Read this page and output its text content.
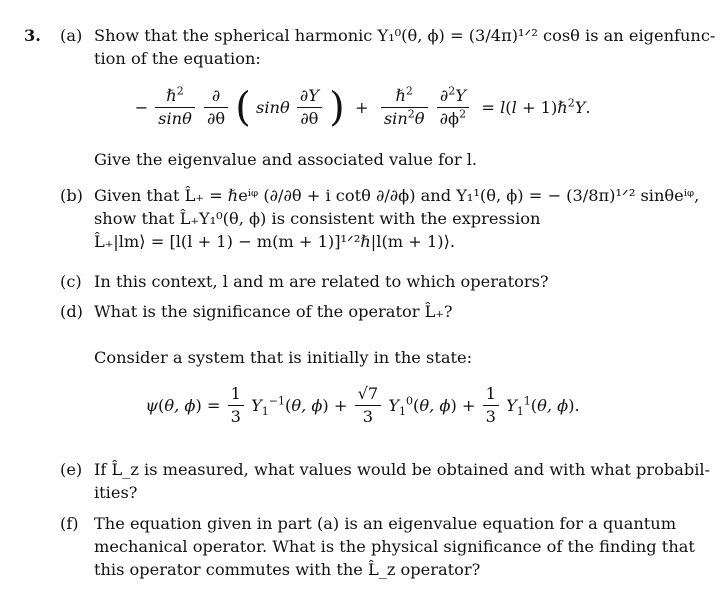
3. (a) Show that the spherical harmonic Y₁⁰(θ, ϕ) = (3/4π)¹ᐟ² cosθ is an eigenfunc-
tion of the equation:
− $\frac{\hbar^2}{\sin\theta}$
$\frac{\partial}{\partial\theta}$ ( sinθ $\frac{\partial Y}{\partial\theta}$ )  + $\frac{\hbar^2}{\sin^2\theta}$
$\frac{\partial^2Y}{\partial\phi^2} = l(l$ + 1)ℏ$^2$Y.
Give the eigenvalue and associated value for l.
(b) Given that L̂₊ = ℏeⁱᵠ (∂/∂θ + i cotθ ∂/∂ϕ) and Y₁¹(θ, ϕ) = − (3/8π)¹ᐟ² sinθeⁱᵠ,
show that L̂₊Y₁⁰(θ, ϕ) is consistent with the expression
L̂₊|lm⟩ = [l(l + 1) − m(m + 1)]¹ᐟ²ℏ|l(m + 1)⟩.
(c) In this context, l and m are related to which operators?
(d) What is the significance of the operator L̂₊?
Consider a system that is initially in the state:
ψ(θ, $\phi) = \frac{1}{3} Y_1^{-1}(\theta$, $\phi) + \frac{√7}{3} Y_1^0(\theta$, $\phi) + \frac{1}{3} Y_1^1(\theta$, ϕ).
(e) If L̂_z is measured, what values would be obtained and with what probabil-
ities?
(f) The equation given in part (a) is an eigenvalue equation for a quantum
mechanical operator. What is the physical significance of the finding that
this operator commutes with the L̂_z operator?
